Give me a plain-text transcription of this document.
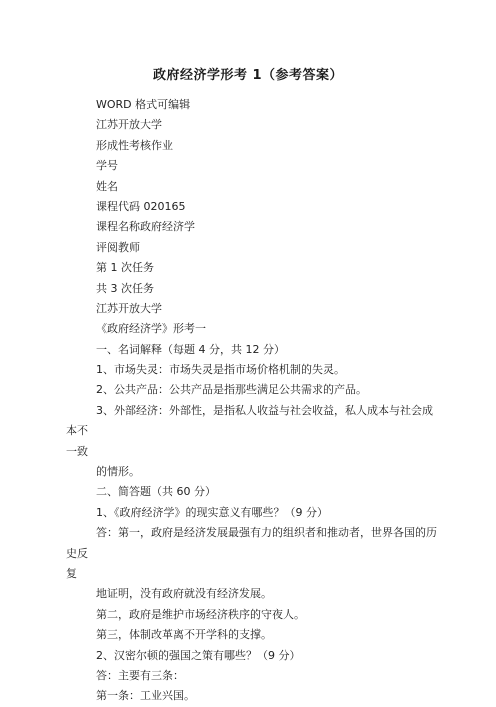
政府经济学形考 1（参考答案）
WORD 格式可编辑
江苏开放大学
形成性考核作业
学号
姓名
课程代码 020165
课程名称政府经济学
评阅教师
第 1 次任务
共 3 次任务
江苏开放大学
《政府经济学》形考一
一、名词解释（每题 4 分，共 12 分）
1、市场失灵：市场失灵是指市场价格机制的失灵。
2、公共产品：公共产品是指那些满足公共需求的产品。
3、外部经济：外部性，是指私人收益与社会收益，私人成本与社会成本不
一致
的情形。
二、简答题（共 60 分）
1、《政府经济学》的现实意义有哪些？（9 分）
答：第一，政府是经济发展最强有力的组织者和推动者，世界各国的历史反
复
地证明，没有政府就没有经济发展。
第二，政府是维护市场经济秩序的守夜人。
第三，体制改革离不开学科的支撑。
2、汉密尔顿的强国之策有哪些？（9 分）
答：主要有三条：
第一条：工业兴国。
